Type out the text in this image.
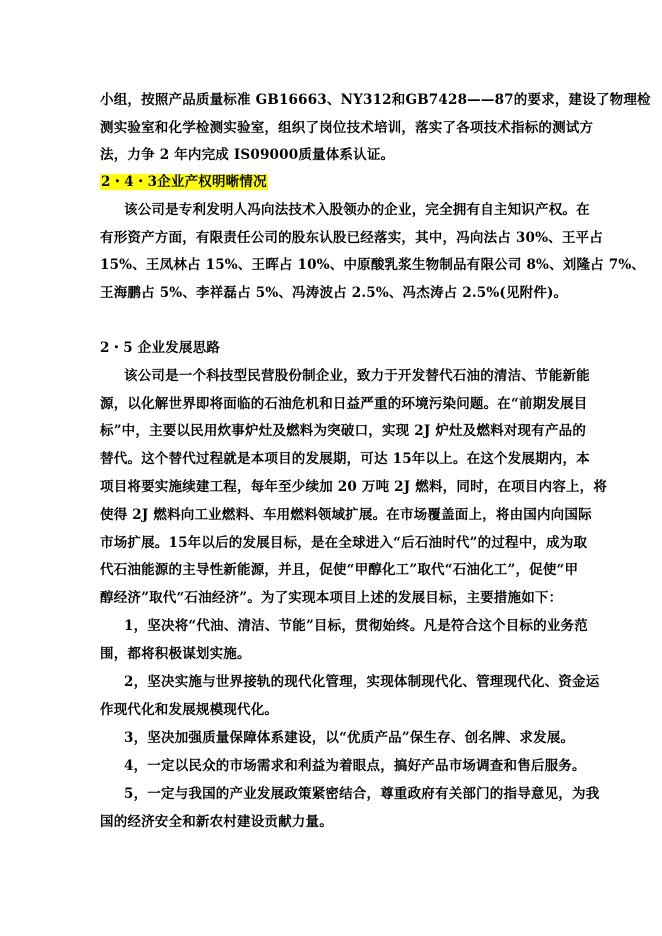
小组，按照产品质量标准 GB16663、NY312和GB7428——87的要求，建设了物理检
测实验室和化学检测实验室，组织了岗位技术培训，落实了各项技术指标的测试方
法，力争 2 年内完成 IS09000质量体系认证。
2・4・3企业产权明晰情况
该公司是专利发明人冯向法技术入股领办的企业，完全拥有自主知识产权。在
有形资产方面，有限责任公司的股东认股已经落实，其中，冯向法占 30%、王平占
15%、王凤林占 15%、王晖占 10%、中原酸乳浆生物制品有限公司 8%、刘隆占 7%、
王海鹏占 5%、李祥磊占 5%、冯涛波占 2.5%、冯杰涛占 2.5%(见附件)。
2・5 企业发展思路
该公司是一个科技型民营股份制企业，致力于开发替代石油的清洁、节能新能
源，以化解世界即将面临的石油危机和日益严重的环境污染问题。在“前期发展目
标”中，主要以民用炊事炉灶及燃料为突破口，实现 2J 炉灶及燃料对现有产品的
替代。这个替代过程就是本项目的发展期，可达 15年以上。在这个发展期内，本
项目将要实施续建工程，每年至少续加 20 万吨 2J 燃料，同时，在项目内容上，将
使得 2J 燃料向工业燃料、车用燃料领域扩展。在市场覆盖面上，将由国内向国际
市场扩展。15年以后的发展目标，是在全球进入“后石油时代”的过程中，成为取
代石油能源的主导性新能源，并且，促使“甲醇化工”取代“石油化工”，促使“甲
醇经济”取代“石油经济”。为了实现本项目上述的发展目标，主要措施如下：
1，坚决将“代油、清洁、节能”目标，贯彻始终。凡是符合这个目标的业务范
围，都将积极谋划实施。
2，坚决实施与世界接轨的现代化管理，实现体制现代化、管理现代化、资金运
作现代化和发展规模现代化。
3，坚决加强质量保障体系建设，以“优质产品”保生存、创名牌、求发展。
4，一定以民众的市场需求和利益为着眼点，搞好产品市场调查和售后服务。
5，一定与我国的产业发展政策紧密结合，尊重政府有关部门的指导意见，为我
国的经济安全和新农村建设贡献力量。
